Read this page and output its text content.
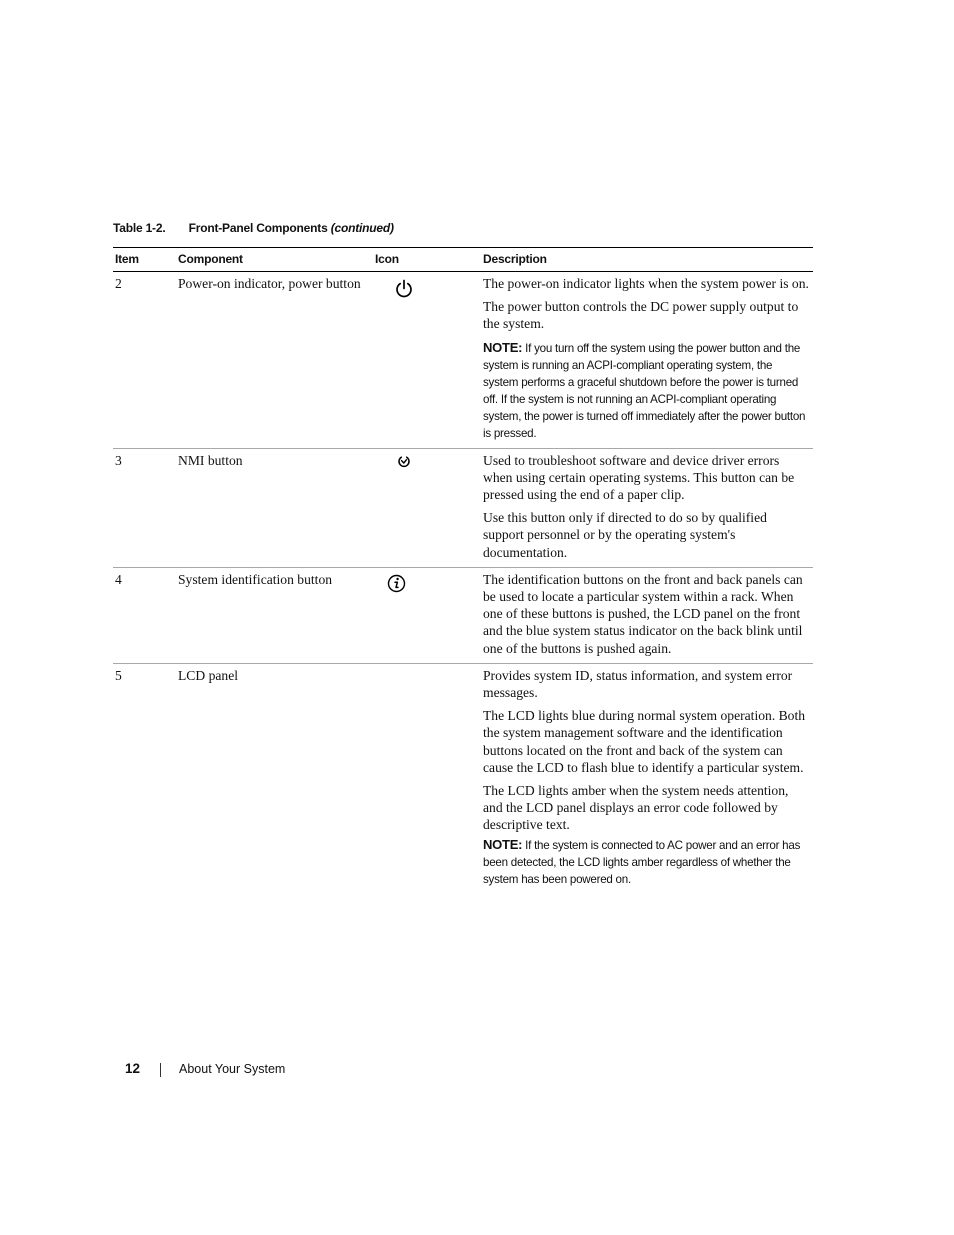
Table 1-2. Front-Panel Components (continued)
Item	Component	Icon	Description
2	Power-on indicator, power button		The power-on indicator lights when the system power is on.

The power button controls the DC power supply output to the system.

NOTE: If you turn off the system using the power button and the system is running an ACPI-compliant operating system, the system performs a graceful shutdown before the power is turned off. If the system is not running an ACPI-compliant operating system, the power is turned off immediately after the power button is pressed.

3	NMI button		Used to troubleshoot software and device driver errors when using certain operating systems. This button can be pressed using the end of a paper clip.

Use this button only if directed to do so by qualified support personnel or by the operating system's documentation.

4	System identification button		The identification buttons on the front and back panels can be used to locate a particular system within a rack. When one of these buttons is pushed, the LCD panel on the front and the blue system status indicator on the back blink until one of the buttons is pushed again.

5	LCD panel		Provides system ID, status information, and system error messages.

The LCD lights blue during normal system operation. Both the system management software and the identification buttons located on the front and back of the system can cause the LCD to flash blue to identify a particular system.

The LCD lights amber when the system needs attention, and the LCD panel displays an error code followed by descriptive text.

NOTE: If the system is connected to AC power and an error has been detected, the LCD lights amber regardless of whether the system has been powered on.

12	About Your System
